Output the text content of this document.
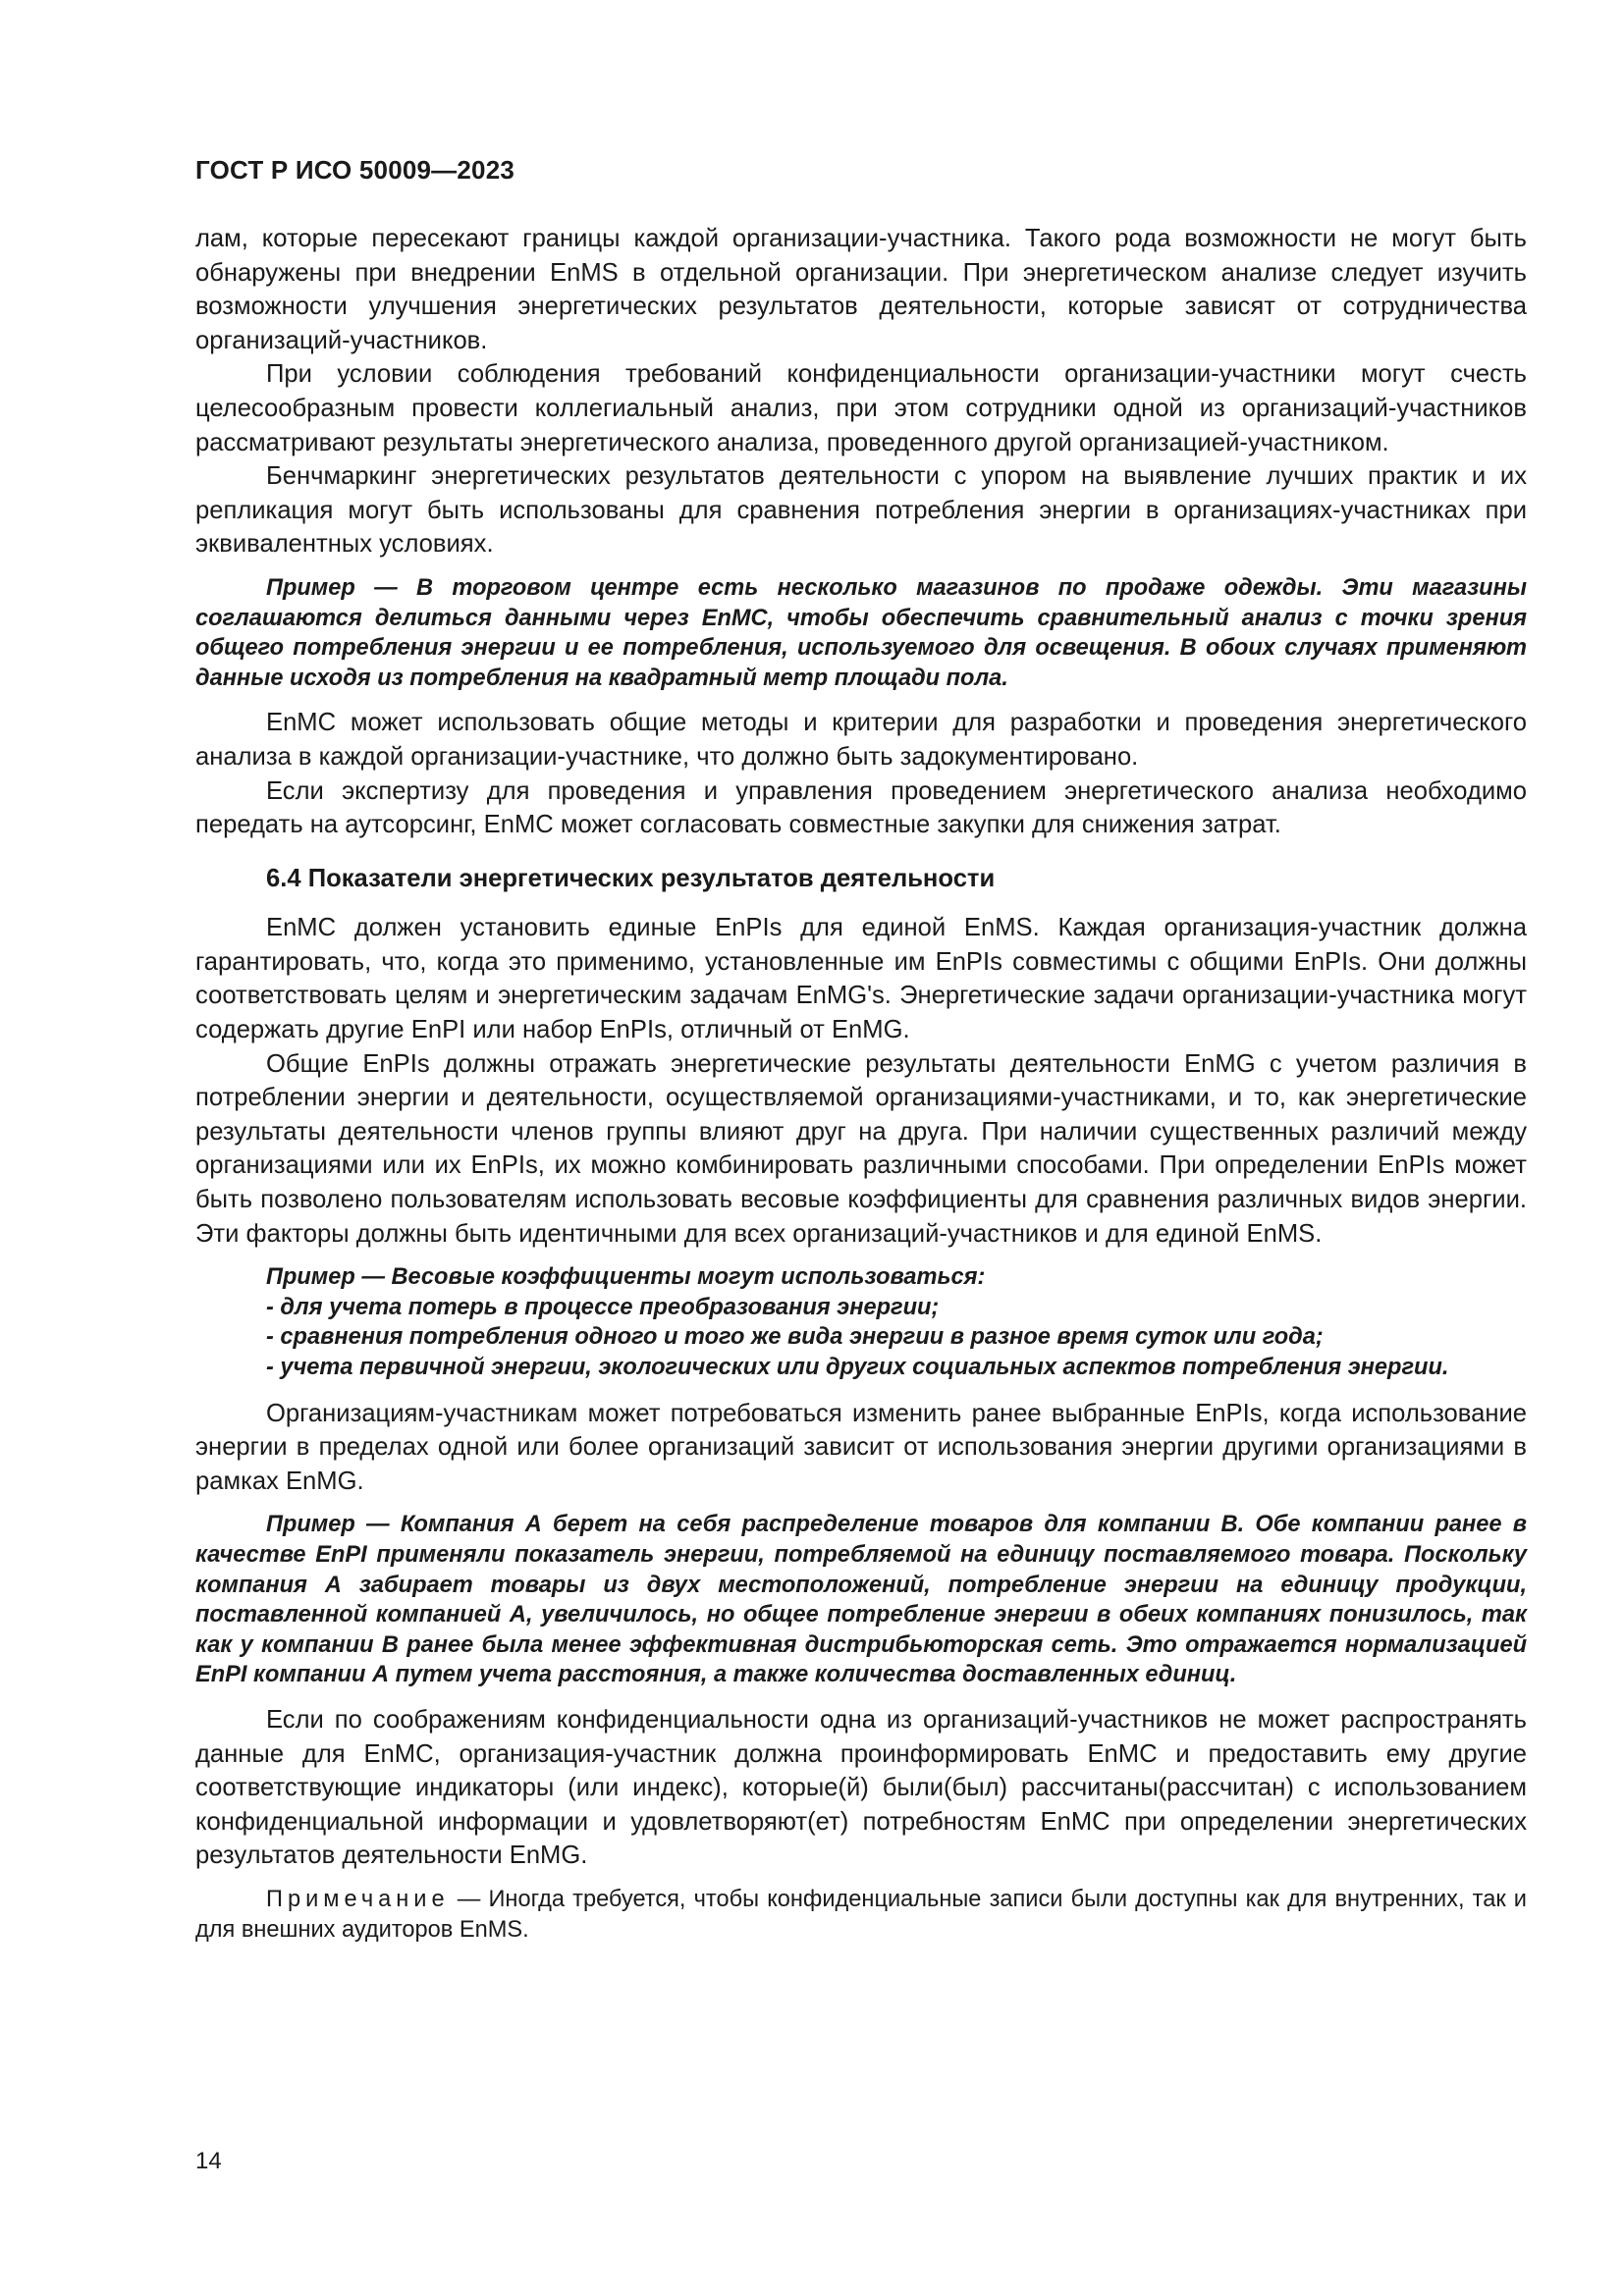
ГОСТ Р ИСО 50009—2023

лам, которые пересекают границы каждой организации-участника. Такого рода возможности не могут быть обнаружены при внедрении EnMS в отдельной организации. При энергетическом анализе следует изучить возможности улучшения энергетических результатов деятельности, которые зависят от сотрудничества организаций-участников.

При условии соблюдения требований конфиденциальности организации-участники могут счесть целесообразным провести коллегиальный анализ, при этом сотрудники одной из организаций-участников рассматривают результаты энергетического анализа, проведенного другой организацией-участником.

Бенчмаркинг энергетических результатов деятельности с упором на выявление лучших практик и их репликация могут быть использованы для сравнения потребления энергии в организациях-участниках при эквивалентных условиях.

Пример — В торговом центре есть несколько магазинов по продаже одежды. Эти магазины соглашаются делиться данными через EnMC, чтобы обеспечить сравнительный анализ с точки зрения общего потребления энергии и ее потребления, используемого для освещения. В обоих случаях применяют данные исходя из потребления на квадратный метр площади пола.

EnMC может использовать общие методы и критерии для разработки и проведения энергетического анализа в каждой организации-участнике, что должно быть задокументировано.

Если экспертизу для проведения и управления проведением энергетического анализа необходимо передать на аутсорсинг, EnMC может согласовать совместные закупки для снижения затрат.

6.4 Показатели энергетических результатов деятельности

EnMC должен установить единые EnPIs для единой EnMS. Каждая организация-участник должна гарантировать, что, когда это применимо, установленные им EnPIs совместимы с общими EnPIs. Они должны соответствовать целям и энергетическим задачам EnMG's. Энергетические задачи организации-участника могут содержать другие EnPI или набор EnPIs, отличный от EnMG.

Общие EnPIs должны отражать энергетические результаты деятельности EnMG с учетом различия в потреблении энергии и деятельности, осуществляемой организациями-участниками, и то, как энергетические результаты деятельности членов группы влияют друг на друга. При наличии существенных различий между организациями или их EnPIs, их можно комбинировать различными способами. При определении EnPIs может быть позволено пользователям использовать весовые коэффициенты для сравнения различных видов энергии. Эти факторы должны быть идентичными для всех организаций-участников и для единой EnMS.

Пример — Весовые коэффициенты могут использоваться:
- для учета потерь в процессе преобразования энергии;
- сравнения потребления одного и того же вида энергии в разное время суток или года;
- учета первичной энергии, экологических или других социальных аспектов потребления энергии.

Организациям-участникам может потребоваться изменить ранее выбранные EnPIs, когда использование энергии в пределах одной или более организаций зависит от использования энергии другими организациями в рамках EnMG.

Пример — Компания А берет на себя распределение товаров для компании В. Обе компании ранее в качестве EnPI применяли показатель энергии, потребляемой на единицу поставляемого товара. Поскольку компания А забирает товары из двух местоположений, потребление энергии на единицу продукции, поставленной компанией А, увеличилось, но общее потребление энергии в обеих компаниях понизилось, так как у компании В ранее была менее эффективная дистрибьюторская сеть. Это отражается нормализацией EnPI компании А путем учета расстояния, а также количества доставленных единиц.

Если по соображениям конфиденциальности одна из организаций-участников не может распространять данные для EnMC, организация-участник должна проинформировать EnMC и предоставить ему другие соответствующие индикаторы (или индекс), которые(й) были(был) рассчитаны(рассчитан) с использованием конфиденциальной информации и удовлетворяют(ет) потребностям EnMC при определении энергетических результатов деятельности EnMG.

Примечание — Иногда требуется, чтобы конфиденциальные записи были доступны как для внутренних, так и для внешних аудиторов EnMS.
14
